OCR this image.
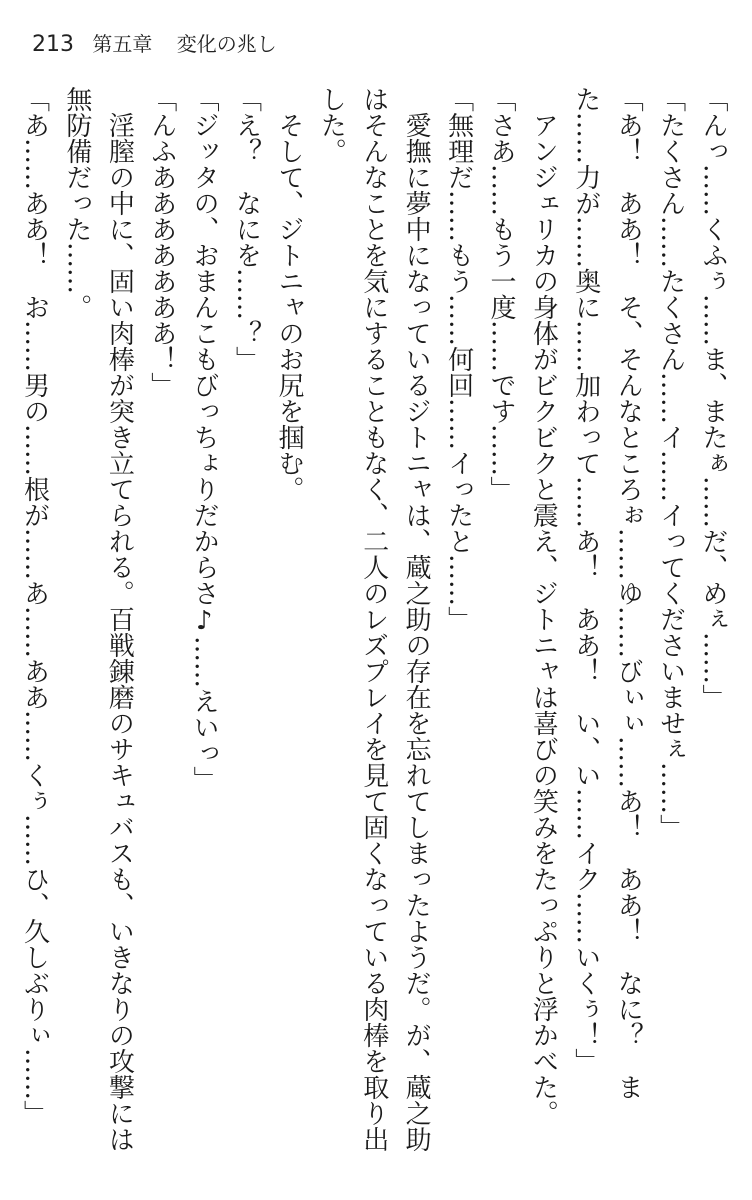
213 第五章 変化の兆し

「んっ……くふぅ……ま、またぁ……だ、めぇ……」

「たくさん……たくさん……イ……イってくださいませぇ……」

「あ！　ああ！　そ、そんなところぉ……ゆ……びぃぃ……あ！　ああ！　なに？　また……力が……奥に……加わって……あ！　ああ！　い、い……イク……いくぅ！」

　アンジェリカの身体がビクビクと震え、ジトニャは喜びの笑みをたっぷりと浮かべた。

「さあ……もう一度……です……」

「無理だ……もう……何回……イったと……」

　愛撫に夢中になっているジトニャは、蔵之助の存在を忘れてしまったようだ。が、蔵之助はそんなことを気にすることもなく、二人のレズプレイを見て固くなっている肉棒を取り出した。

　そして、ジトニャのお尻を掴む。

「え？　なにを……？」

「ジッタの、おまんこもびっちょりだからさ♪……えいっ」

「んふあああああああ！」

　淫膣の中に、固い肉棒が突き立てられる。百戦錬磨のサキュバスも、いきなりの攻撃には無防備だった……。

「あ……ああ！　お……男の……根が……あ……ああ……くぅ……ひ、久しぶりぃ……」
